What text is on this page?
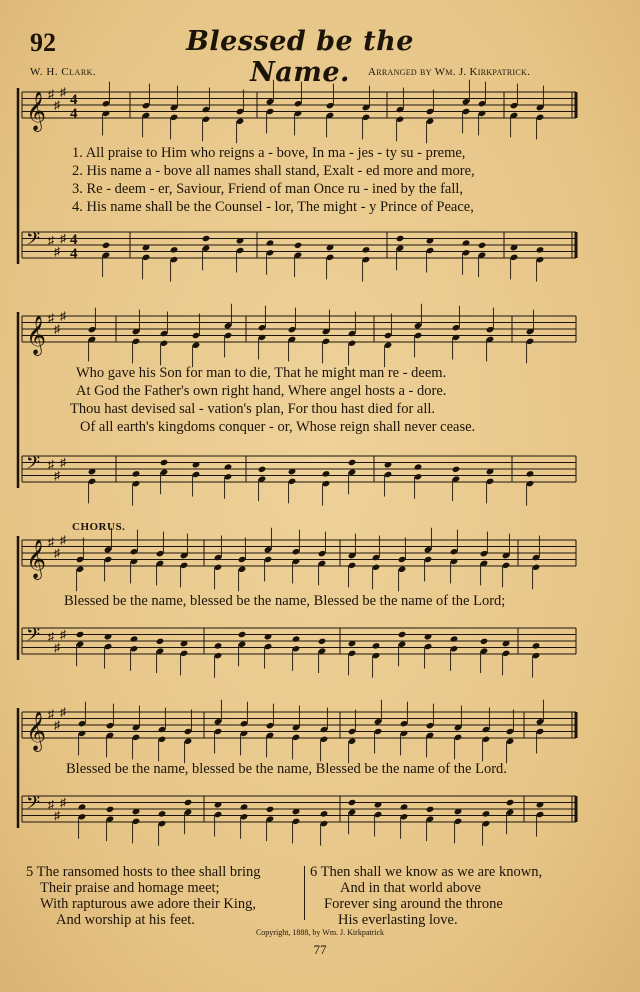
92	Blessed be the Name.
W. H. Clark.	Arranged by Wm. J. Kirkpatrick.
𝄞 ♯
♯
♯
4
4
𝄢 ♯
♯
♯ 4
4
𝄞 ♯
♯
♯
𝄢 ♯
♯
♯
𝄞 ♯
♯
♯
𝄢 ♯
♯
♯
𝄞 ♯
♯
♯
𝄢 ♯
♯
♯
1. All praise to Him who reigns a - bove, In ma - jes - ty su - preme,
2. His name a - bove all names shall stand, Exalt - ed more and more,
3. Re - deem - er, Saviour, Friend of man Once ru - ined by the fall,
4. His name shall be the Counsel - lor, The might - y Prince of Peace,
Who gave his Son for man to die, That he might man re - deem.
At God the Father's own right hand, Where angel hosts a - dore.
Thou hast devised sal - vation's plan, For thou hast died for all.
Of all earth's kingdoms conquer - or, Whose reign shall never cease.
CHORUS.
Blessed be the name, blessed be the name, Blessed be the name of the Lord;
Blessed be the name, blessed be the name, Blessed be the name of the Lord.
5 The ransomed hosts to thee shall bring
Their praise and homage meet;
With rapturous awe adore their King,
And worship at his feet.
6 Then shall we know as we are known,
And in that world above
Forever sing around the throne
His everlasting love.
Copyright, 1888, by Wm. J. Kirkpatrick
77
